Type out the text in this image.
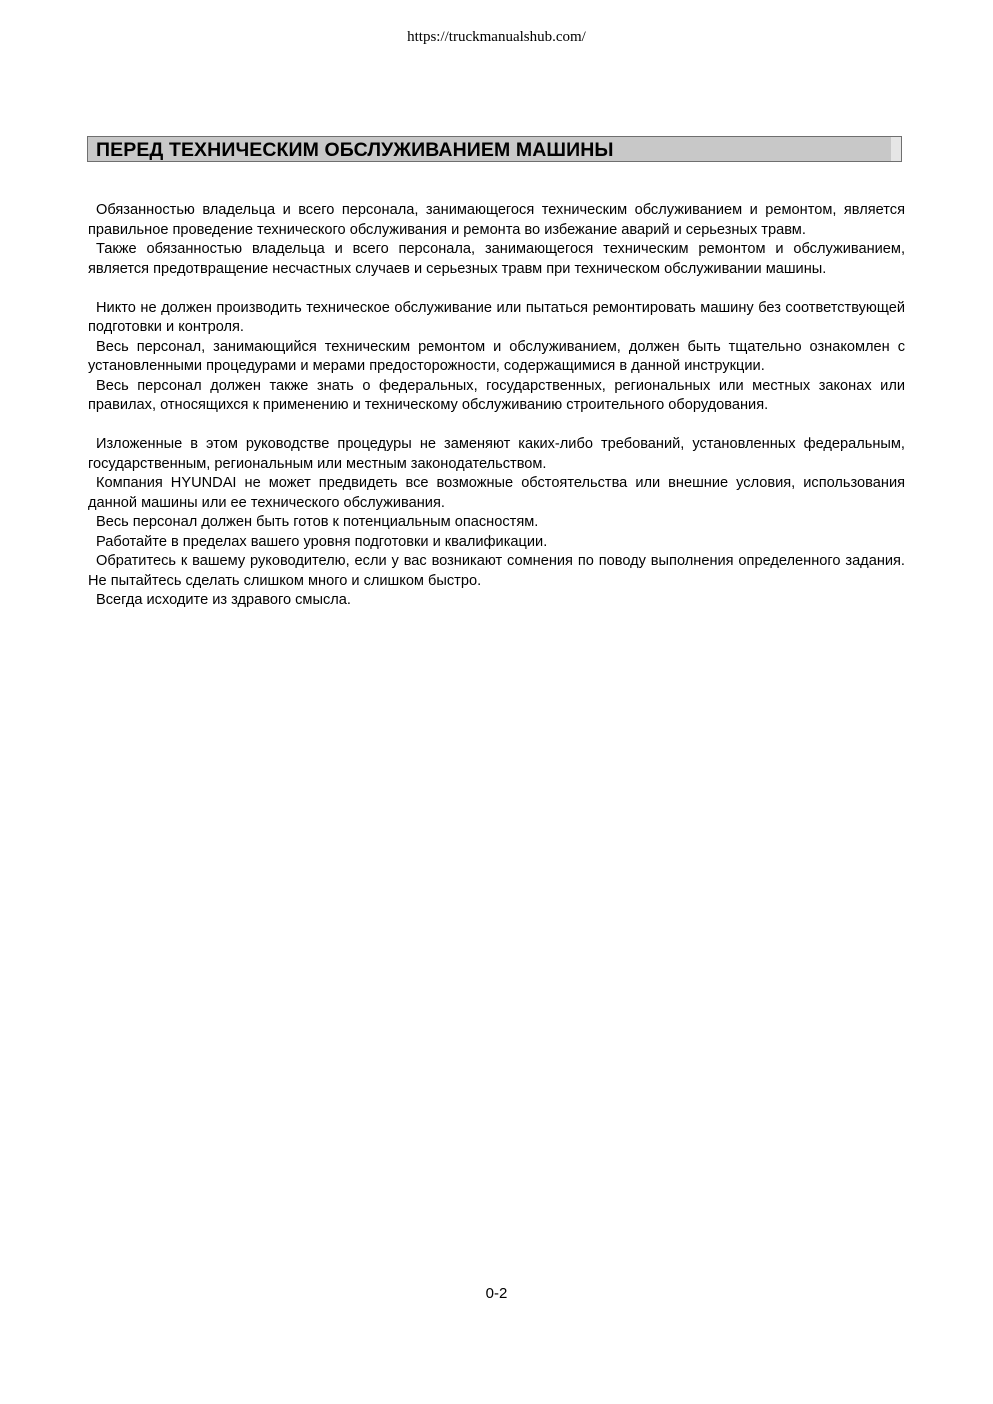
https://truckmanualshub.com/
ПЕРЕД ТЕХНИЧЕСКИМ ОБСЛУЖИВАНИЕМ МАШИНЫ

Обязанностью владельца и всего персонала, занимающегося техническим обслуживанием и ремонтом, является правильное проведение технического обслуживания и ремонта во избежание аварий и серьезных травм.

Также обязанностью владельца и всего персонала, занимающегося техническим ремонтом и обслуживанием, является предотвращение несчастных случаев и серьезных травм при техническом обслуживании машины.

Никто не должен производить техническое обслуживание или пытаться ремонтировать машину без соответствующей подготовки и контроля.

Весь персонал, занимающийся техническим ремонтом и обслуживанием, должен быть тщательно ознакомлен с установленными процедурами и мерами предосторожности, содержащимися в данной инструкции.

Весь персонал должен также знать о федеральных, государственных, региональных или местных законах или правилах, относящихся к применению и техническому обслуживанию строительного оборудования.

Изложенные в этом руководстве процедуры не заменяют каких-либо требований, установленных федеральным, государственным, региональным или местным законодательством.

Компания HYUNDAI не может предвидеть все возможные обстоятельства или внешние условия, использования данной машины или ее технического обслуживания.

Весь персонал должен быть готов к потенциальным опасностям.

Работайте в пределах вашего уровня подготовки и квалификации.

Обратитесь к вашему руководителю, если у вас возникают сомнения по поводу выполнения определенного задания. Не пытайтесь сделать слишком много и слишком быстро.

Всегда исходите из здравого смысла.

0-2
